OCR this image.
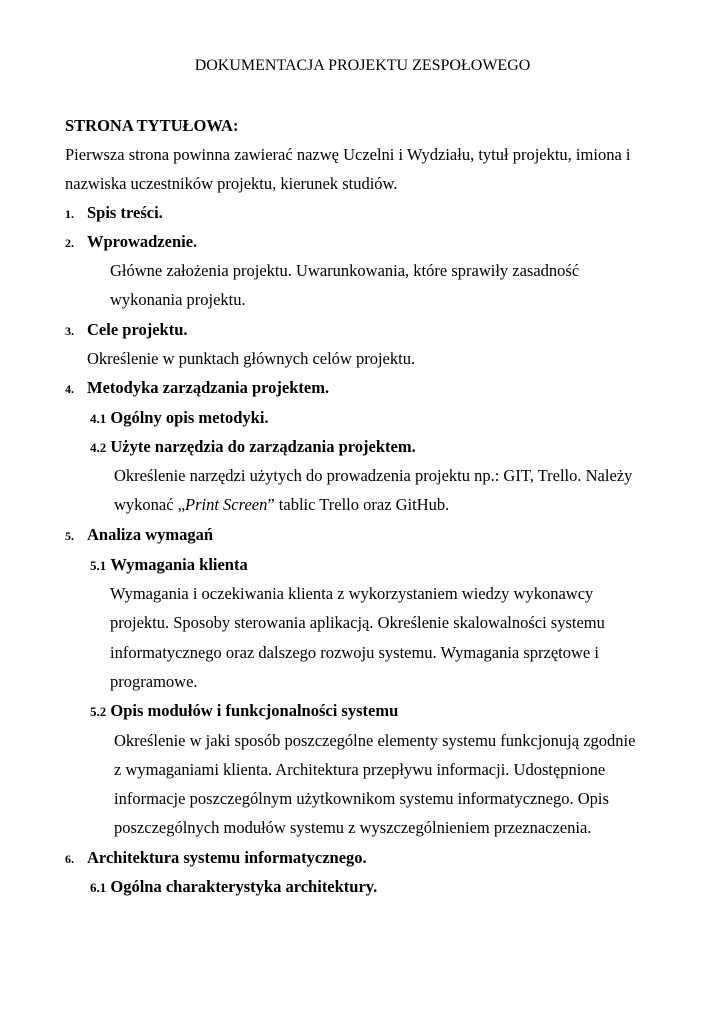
DOKUMENTACJA PROJEKTU ZESPOŁOWEGO
STRONA TYTUŁOWA:
Pierwsza strona powinna zawierać nazwę Uczelni i Wydziału, tytuł projektu, imiona i
nazwiska uczestników projektu, kierunek studiów.
1. Spis treści.
2. Wprowadzenie.
Główne założenia projektu. Uwarunkowania, które sprawiły zasadność
wykonania projektu.
3. Cele projektu.
Określenie w punktach głównych celów projektu.
4. Metodyka zarządzania projektem.
4.1 Ogólny opis metodyki.
4.2 Użyte narzędzia do zarządzania projektem.
Określenie narzędzi użytych do prowadzenia projektu np.: GIT, Trello. Należy
wykonać „Print Screen” tablic Trello oraz GitHub.
5. Analiza wymagań
5.1 Wymagania klienta
Wymagania i oczekiwania klienta z wykorzystaniem wiedzy wykonawcy
projektu. Sposoby sterowania aplikacją. Określenie skalowalności systemu
informatycznego oraz dalszego rozwoju systemu. Wymagania sprzętowe i
programowe.
5.2 Opis modułów i funkcjonalności systemu
Określenie w jaki sposób poszczególne elementy systemu funkcjonują zgodnie
z wymaganiami klienta. Architektura przepływu informacji. Udostępnione
informacje poszczególnym użytkownikom systemu informatycznego. Opis
poszczególnych modułów systemu z wyszczególnieniem przeznaczenia.
6. Architektura systemu informatycznego.
6.1 Ogólna charakterystyka architektury.
